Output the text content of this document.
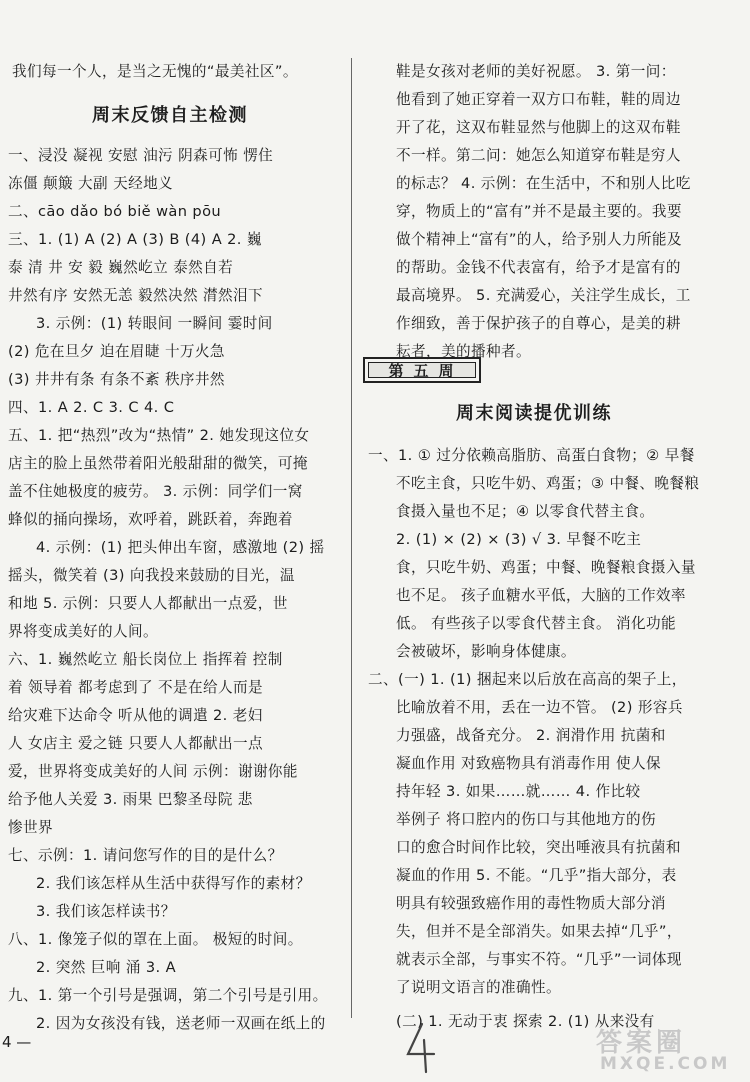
我们每一个人，是当之无愧的“最美社区”。
周末反馈自主检测
一、浸没 凝视 安慰 油污 阴森可怖 愣住
冻僵 颠簸 大副 天经地义
二、cāo dǎo bó biě wàn pōu
三、1. (1) A (2) A (3) B (4) A 2. 巍
泰 清 井 安 毅 巍然屹立 泰然自若
井然有序 安然无恙 毅然决然 潸然泪下
3. 示例：(1) 转眼间 一瞬间 霎时间
(2) 危在旦夕 迫在眉睫 十万火急
(3) 井井有条 有条不紊 秩序井然
四、1. A 2. C 3. C 4. C
五、1. 把“热烈”改为“热情” 2. 她发现这位女
店主的脸上虽然带着阳光般甜甜的微笑，可掩
盖不住她极度的疲劳。 3. 示例：同学们一窝
蜂似的捅向操场，欢呼着，跳跃着，奔跑着
4. 示例：(1) 把头伸出车窗，感激地 (2) 摇
摇头，微笑着 (3) 向我投来鼓励的目光，温
和地 5. 示例：只要人人都献出一点爱，世
界将变成美好的人间。
六、1. 巍然屹立 船长岗位上 指挥着 控制
着 领导着 都考虑到了 不是在给人而是
给灾难下达命令 听从他的调遣 2. 老妇
人 女店主 爱之链 只要人人都献出一点
爱，世界将变成美好的人间 示例：谢谢你能
给予他人关爱 3. 雨果 巴黎圣母院 悲
惨世界
七、示例：1. 请问您写作的目的是什么？
2. 我们该怎样从生活中获得写作的素材？
3. 我们该怎样读书？
八、1. 像笼子似的罩在上面。 极短的时间。
2. 突然 巨响 涌 3. A
九、1. 第一个引号是强调，第二个引号是引用。
2. 因为女孩没有钱，送老师一双画在纸上的
鞋是女孩对老师的美好祝愿。 3. 第一问：
他看到了她正穿着一双方口布鞋，鞋的周边
开了花，这双布鞋显然与他脚上的这双布鞋
不一样。第二问：她怎么知道穿布鞋是穷人
的标志？ 4. 示例：在生活中，不和别人比吃
穿，物质上的“富有”并不是最主要的。我要
做个精神上“富有”的人，给予别人力所能及
的帮助。金钱不代表富有，给予才是富有的
最高境界。 5. 充满爱心，关注学生成长，工
作细致，善于保护孩子的自尊心，是美的耕
耘者，美的播种者。
周末阅读提优训练
一、1. ① 过分依赖高脂肪、高蛋白食物；② 早餐
不吃主食，只吃牛奶、鸡蛋；③ 中餐、晚餐粮
食摄入量也不足；④ 以零食代替主食。
2. (1) × (2) × (3) √ 3. 早餐不吃主
食，只吃牛奶、鸡蛋；中餐、晚餐粮食摄入量
也不足。 孩子血糖水平低，大脑的工作效率
低。 有些孩子以零食代替主食。 消化功能
会被破坏，影响身体健康。
二、(一) 1. (1) 捆起来以后放在高高的架子上，
比喻放着不用，丢在一边不管。 (2) 形容兵
力强盛，战备充分。 2. 润滑作用 抗菌和
凝血作用 对致癌物具有消毒作用 使人保
持年轻 3. 如果……就…… 4. 作比较
举例子 将口腔内的伤口与其他地方的伤
口的愈合时间作比较，突出唾液具有抗菌和
凝血的作用 5. 不能。“几乎”指大部分，表
明具有较强致癌作用的毒性物质大部分消
失，但并不是全部消失。如果去掉“几乎”，
就表示全部，与事实不符。“几乎”一词体现
了说明文语言的准确性。
(二) 1. 无动于衷 探索 2. (1) 从来没有
第五周
4 —	答案圈
MXQE.COM
